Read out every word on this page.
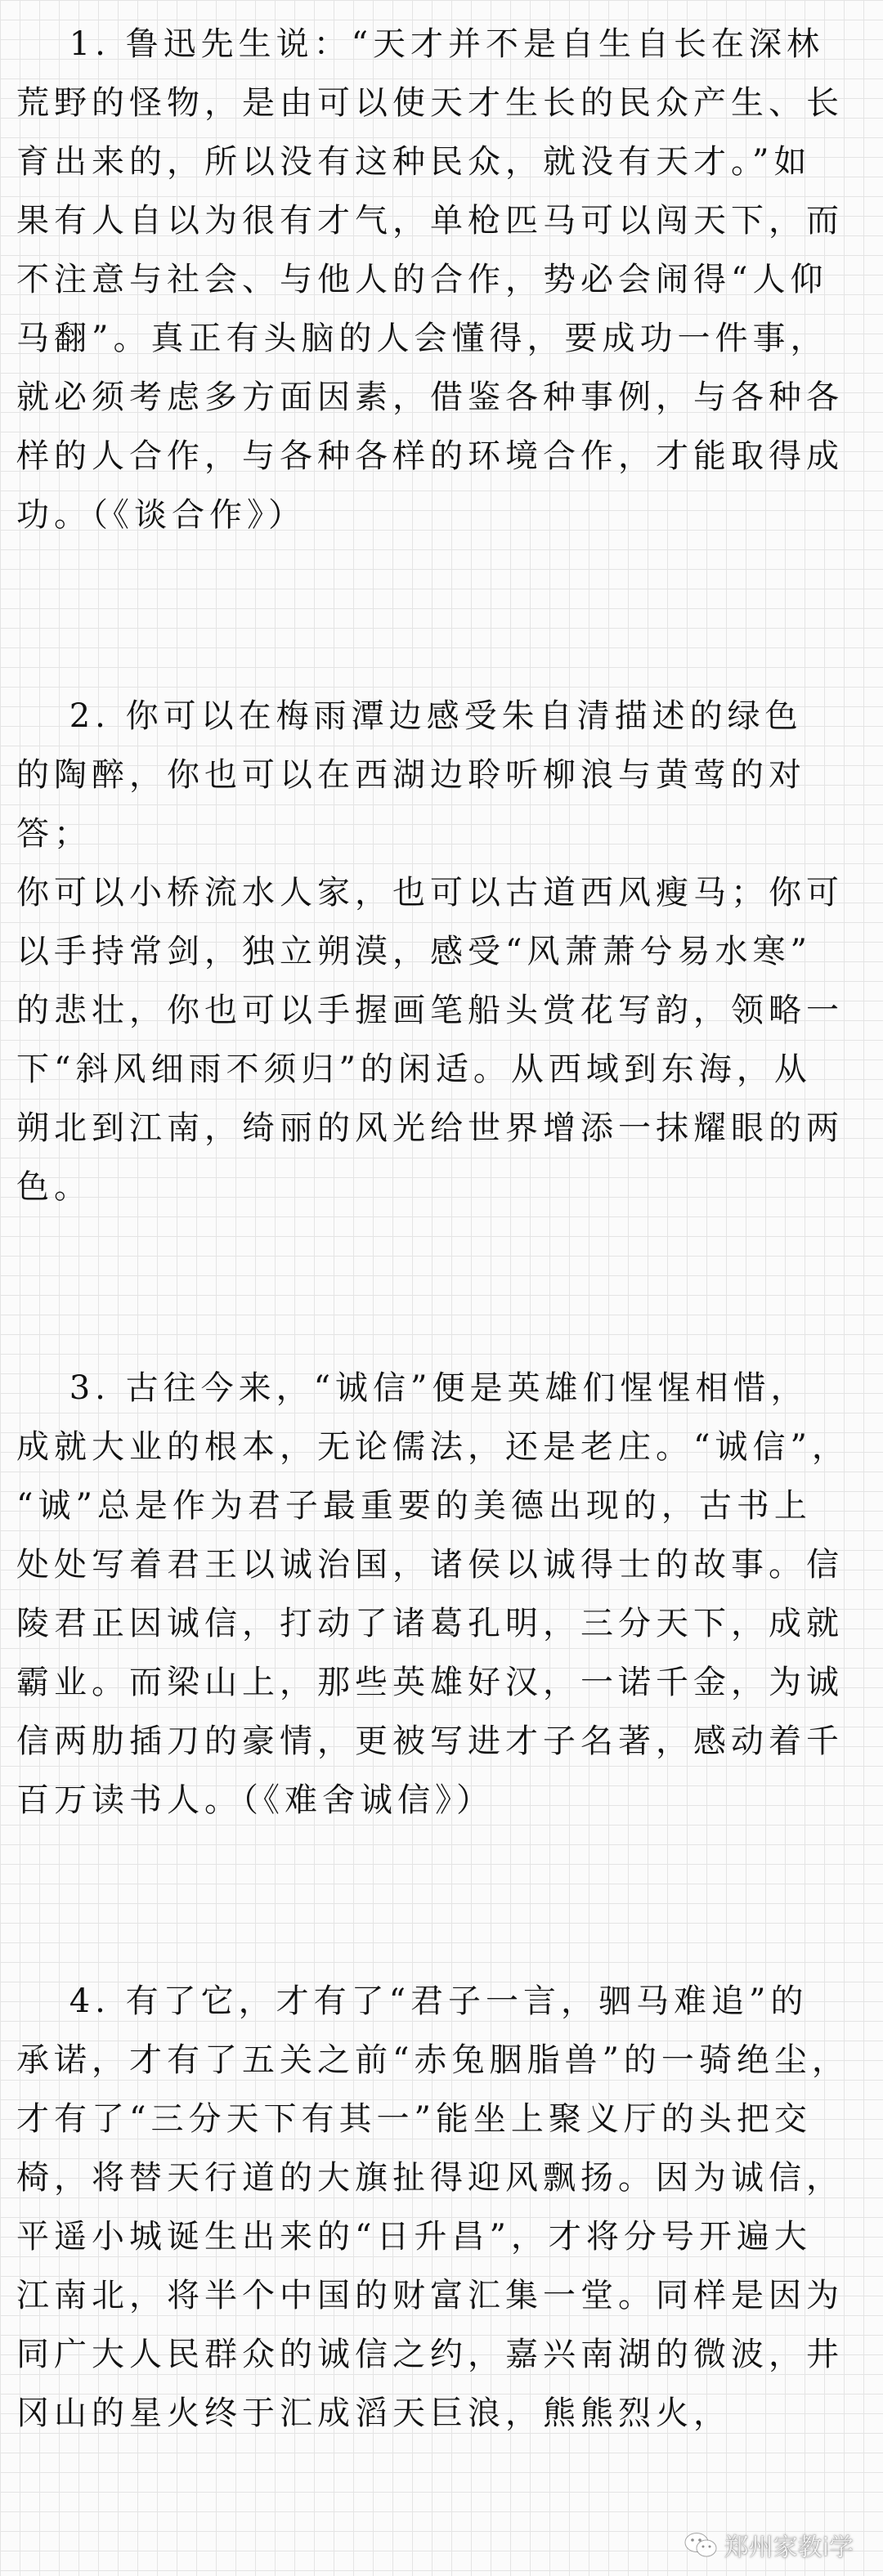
　 1. 鲁迅先生说：“天才并不是自生自长在深林
荒野的怪物，是由可以使天才生长的民众产生、长
育出来的，所以没有这种民众，就没有天才。”如
果有人自以为很有才气，单枪匹马可以闯天下，而
不注意与社会、与他人的合作，势必会闹得“人仰
马翻”。真正有头脑的人会懂得，要成功一件事，
就必须考虑多方面因素，借鉴各种事例，与各种各
样的人合作，与各种各样的环境合作，才能取得成
功。（《谈合作》）

　 2. 你可以在梅雨潭边感受朱自清描述的绿色
的陶醉，你也可以在西湖边聆听柳浪与黄莺的对答；
你可以小桥流水人家，也可以古道西风瘦马；你可
以手持常剑，独立朔漠，感受“风萧萧兮易水寒”
的悲壮，你也可以手握画笔船头赏花写韵，领略一
下“斜风细雨不须归”的闲适。从西域到东海，从
朔北到江南，绮丽的风光给世界增添一抹耀眼的两
色。

　 3. 古往今来，“诚信”便是英雄们惺惺相惜，
成就大业的根本，无论儒法，还是老庄。“诚信”，
“诚”总是作为君子最重要的美德出现的，古书上
处处写着君王以诚治国，诸侯以诚得士的故事。信
陵君正因诚信，打动了诸葛孔明，三分天下，成就
霸业。而梁山上，那些英雄好汉，一诺千金，为诚
信两肋插刀的豪情，更被写进才子名著，感动着千
百万读书人。（《难舍诚信》）

　 4. 有了它，才有了“君子一言，驷马难追”的
承诺，才有了五关之前“赤兔胭脂兽”的一骑绝尘，
才有了“三分天下有其一”能坐上聚义厅的头把交
椅，将替天行道的大旗扯得迎风飘扬。因为诚信，
平遥小城诞生出来的“日升昌”，才将分号开遍大
江南北，将半个中国的财富汇集一堂。同样是因为
同广大人民群众的诚信之约，嘉兴南湖的微波，井
冈山的星火终于汇成滔天巨浪，熊熊烈火，

郑州家教i学
